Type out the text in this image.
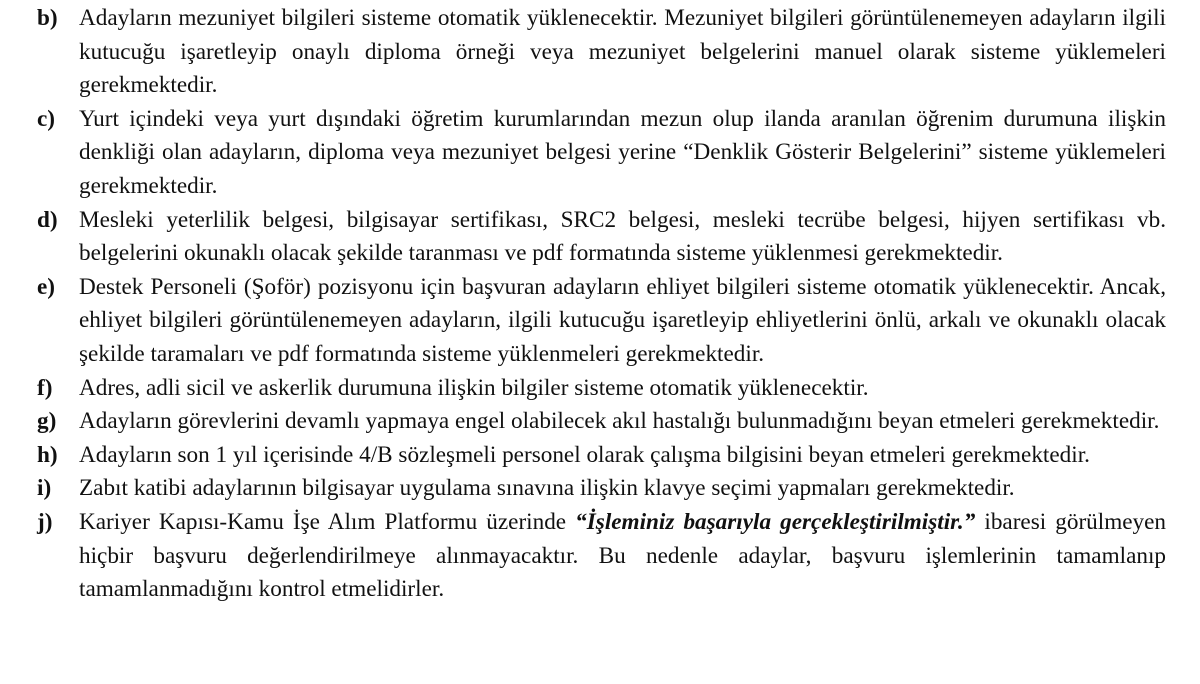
b) Adayların mezuniyet bilgileri sisteme otomatik yüklenecektir. Mezuniyet bilgileri görüntülenemeyen adayların ilgili kutucuğu işaretleyip onaylı diploma örneği veya mezuniyet belgelerini manuel olarak sisteme yüklemeleri gerekmektedir.
c)	Yurt içindeki veya yurt dışındaki öğretim kurumlarından mezun olup ilanda aranılan öğrenim durumuna ilişkin denkliği olan adayların, diploma veya mezuniyet belgesi yerine “Denklik Gösterir Belgelerini” sisteme yüklemeleri gerekmektedir.
d) Mesleki yeterlilik belgesi, bilgisayar sertifikası, SRC2 belgesi, mesleki tecrübe belgesi, hijyen sertifikası vb. belgelerini okunaklı olacak şekilde taranması ve pdf formatında sisteme yüklenmesi gerekmektedir.
e)	Destek Personeli (Şoför) pozisyonu için başvuran adayların ehliyet bilgileri sisteme otomatik yüklenecektir. Ancak, ehliyet bilgileri görüntülenemeyen adayların, ilgili kutucuğu işaretleyip ehliyetlerini önlü, arkalı ve okunaklı olacak şekilde taramaları ve pdf formatında sisteme yüklenmeleri gerekmektedir.
f)	Adres, adli sicil ve askerlik durumuna ilişkin bilgiler sisteme otomatik yüklenecektir.
g) Adayların görevlerini devamlı yapmaya engel olabilecek akıl hastalığı bulunmadığını beyan etmeleri gerekmektedir.
h) Adayların son 1 yıl içerisinde 4/B sözleşmeli personel olarak çalışma bilgisini beyan etmeleri gerekmektedir.
i)	Zabıt katibi adaylarının bilgisayar uygulama sınavına ilişkin klavye seçimi yapmaları gerekmektedir.
j)	Kariyer Kapısı-Kamu İşe Alım Platformu üzerinde “İşleminiz başarıyla gerçekleştirilmiştir.” ibaresi görülmeyen hiçbir başvuru değerlendirilmeye alınmayacaktır. Bu nedenle adaylar, başvuru işlemlerinin tamamlanıp tamamlanmadığını kontrol etmelidirler.
